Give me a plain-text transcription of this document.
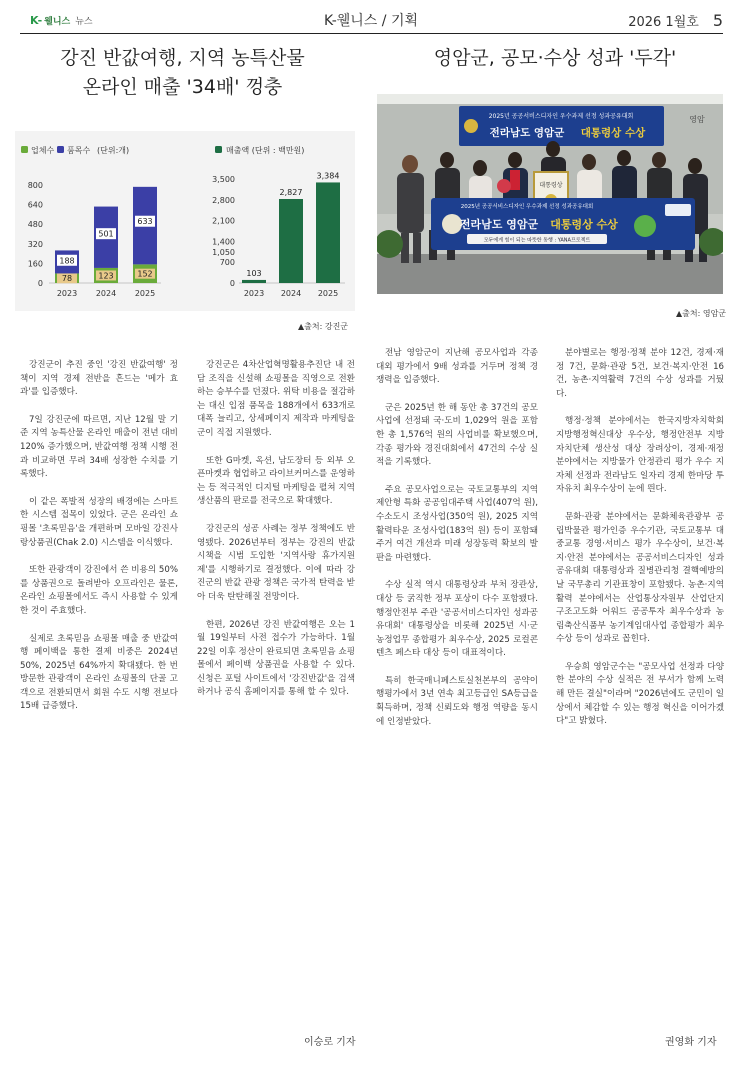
K- 웰니스 뉴스	K-웰니스 / 기획	2026 1월호 5
강진 반값여행, 지역 농특산물
온라인 매출 '34배' 껑충
영암군, 공모·수상 성과 '두각'
업체수 품목수 (단위:개)
0
160
320
480
640
800
78
188
2023
123
501
2024
152
633
2025
매출액 (단위 : 백만원)
0
700
1,050
1,400
2,100
2,800
3,500
103
2023
2,827
2024
3,384
2025
▲출처: 강진군
2025년 공공서비스디자인 우수과제 선정 성과공유대회
전라남도 영암군 대통령상 수상
영암
대통령상
2025년 공공서비스디자인 우수과제 선정 성과공유대회
전라남도 영암군 대통령상 수상
모두에게 힘이 되는 따뜻한 동행 : YANA프로젝트
▲출처: 영암군

강진군이 추진 중인 '강진 반값여행' 정책이 지역 경제 전반을 흔드는 '메가 효과'를 입증했다.

7일 강진군에 따르면, 지난 12월 말 기준 지역 농특산물 온라인 매출이 전년 대비 120% 증가했으며, 반값여행 정책 시행 전과 비교하면 무려 34배 성장한 수치를 기록했다.

이 같은 폭발적 성장의 배경에는 스마트한 시스템 접목이 있었다. 군은 온라인 쇼핑몰 '초록믿음'을 개편하며 모바일 강진사랑상품권(Chak 2.0) 시스템을 이식했다.

또한 관광객이 강진에서 쓴 비용의 50%를 상품권으로 돌려받아 오프라인은 물론, 온라인 쇼핑몰에서도 즉시 사용할 수 있게 한 것이 주효했다.

실제로 초록믿음 쇼핑몰 매출 중 반값여행 페이백을 통한 결제 비중은 2024년 50%, 2025년 64%까지 확대됐다. 한 번 방문한 관광객이 온라인 쇼핑몰의 단골 고객으로 전환되면서 회원 수도 시행 전보다 15배 급증했다.

강진군은 4차산업혁명활용추진단 내 전담 조직을 신설해 쇼핑몰을 직영으로 전환하는 승부수를 던졌다. 위탁 비용을 절감하는 대신 입점 품목을 188개에서 633개로 대폭 늘리고, 상세페이지 제작과 마케팅을 군이 직접 지원했다.

또한 G마켓, 옥션, 남도장터 등 외부 오픈마켓과 협업하고 라이브커머스를 운영하는 등 적극적인 디지털 마케팅을 펼쳐 지역 생산품의 판로를 전국으로 확대했다.

강진군의 성공 사례는 정부 정책에도 반영됐다. 2026년부터 정부는 강진의 반값 시책을 시범 도입한 '지역사랑 휴가지원제'를 시행하기로 결정했다. 이에 따라 강진군의 반값 관광 정책은 국가적 탄력을 받아 더욱 탄탄해질 전망이다.

한편, 2026년 강진 반값여행은 오는 1월 19일부터 사전 접수가 가능하다. 1월 22일 이후 정산이 완료되면 초록믿음 쇼핑몰에서 페이백 상품권을 사용할 수 있다. 신청은 포털 사이트에서 '강진반값'을 검색하거나 공식 홈페이지를 통해 할 수 있다.

전남 영암군이 지난해 공모사업과 각종 대외 평가에서 9배 성과를 거두며 정책 경쟁력을 입증했다.

군은 2025년 한 해 동안 총 37건의 공모사업에 선정돼 국·도비 1,029억 원을 포함한 총 1,576억 원의 사업비를 확보했으며, 각종 평가와 경진대회에서 47건의 수상 실적을 기록했다.

주요 공모사업으로는 국토교통부의 지역제안형 특화 공공임대주택 사업(407억 원), 수소도시 조성사업(350억 원), 2025 지역활력타운 조성사업(183억 원) 등이 포함돼 주거 여건 개선과 미래 성장동력 확보의 발판을 마련했다.

수상 실적 역시 대통령상과 부처 장관상, 대상 등 굵직한 정부 포상이 다수 포함됐다. 행정안전부 주관 '공공서비스디자인 성과공유대회' 대통령상을 비롯해 2025년 시·군 농정업무 종합평가 최우수상, 2025 로컬콘텐츠 페스타 대상 등이 대표적이다.

특히 한국매니페스토실천본부의 공약이행평가에서 3년 연속 최고등급인 SA등급을 획득하며, 정책 신뢰도와 행정 역량을 동시에 인정받았다.

분야별로는 행정·정책 분야 12건, 경제·재정 7건, 문화·관광 5건, 보건·복지·안전 16건, 농촌·지역활력 7건의 수상 성과를 거뒀다.

행정·정책 분야에서는 한국지방자치학회 지방행정혁신대상 우수상, 행정안전부 지방자치단체 생산성 대상 장려상이, 경제·재정 분야에서는 지방물가 안정관리 평가 우수 지자체 선정과 전라남도 일자리 경제 한마당 투자유치 최우수상이 눈에 띈다.

문화·관광 분야에서는 문화체육관광부 공립박물관 평가인증 우수기관, 국토교통부 대중교통 경영·서비스 평가 우수상이, 보건·복지·안전 분야에서는 공공서비스디자인 성과공유대회 대통령상과 질병관리청 결핵예방의 날 국무총리 기관표창이 포함됐다. 농촌·지역활력 분야에서는 산업통상자원부 산업단지 구조고도화 어워드 공공투자 최우수상과 농림축산식품부 농기계임대사업 종합평가 최우수상 등이 성과로 꼽힌다.

우승희 영암군수는 "공모사업 선정과 다양한 분야의 수상 실적은 전 부서가 함께 노력해 만든 결실"이라며 "2026년에도 군민이 일상에서 체감할 수 있는 행정 혁신을 이어가겠다"고 밝혔다.

이승로 기자	권영화 기자
